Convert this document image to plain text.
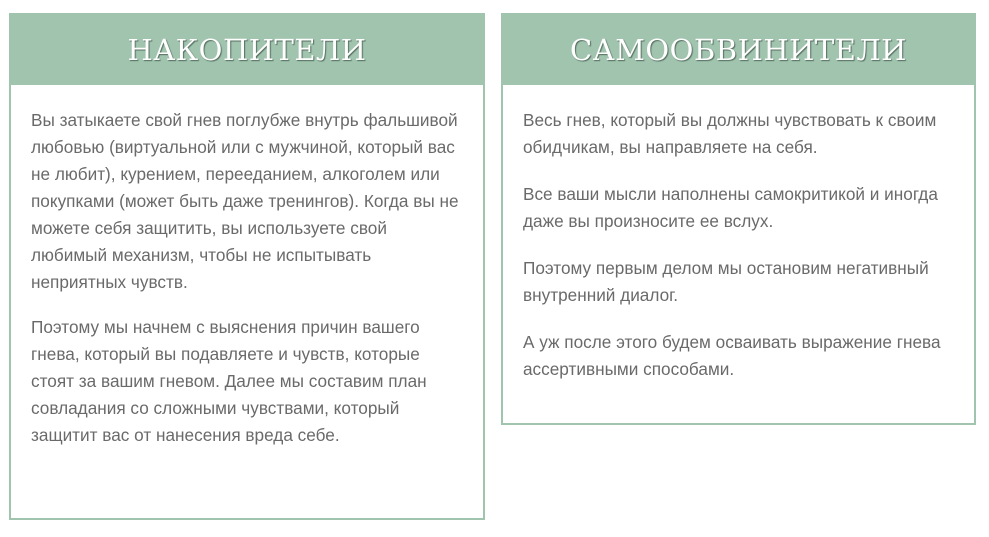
НАКОПИТЕЛИ

Вы затыкаете свой гнев поглубже внутрь фальшивой любовью (виртуальной или с мужчиной, который вас не любит), курением, перееданием, алкоголем или покупками (может быть даже тренингов). Когда вы не можете себя защитить, вы используете свой любимый механизм, чтобы не испытывать неприятных чувств.

Поэтому мы начнем с выяснения причин вашего гнева, который вы подавляете и чувств, которые стоят за вашим гневом. Далее мы составим план совладания со сложными чувствами, который защитит вас от нанесения вреда себе.

САМООБВИНИТЕЛИ

Весь гнев, который вы должны чувствовать к своим обидчикам, вы направляете на себя.

Все ваши мысли наполнены самокритикой и иногда даже вы произносите ее вслух.

Поэтому первым делом мы остановим негативный внутренний диалог.

А уж после этого будем осваивать выражение гнева ассертивными способами.
